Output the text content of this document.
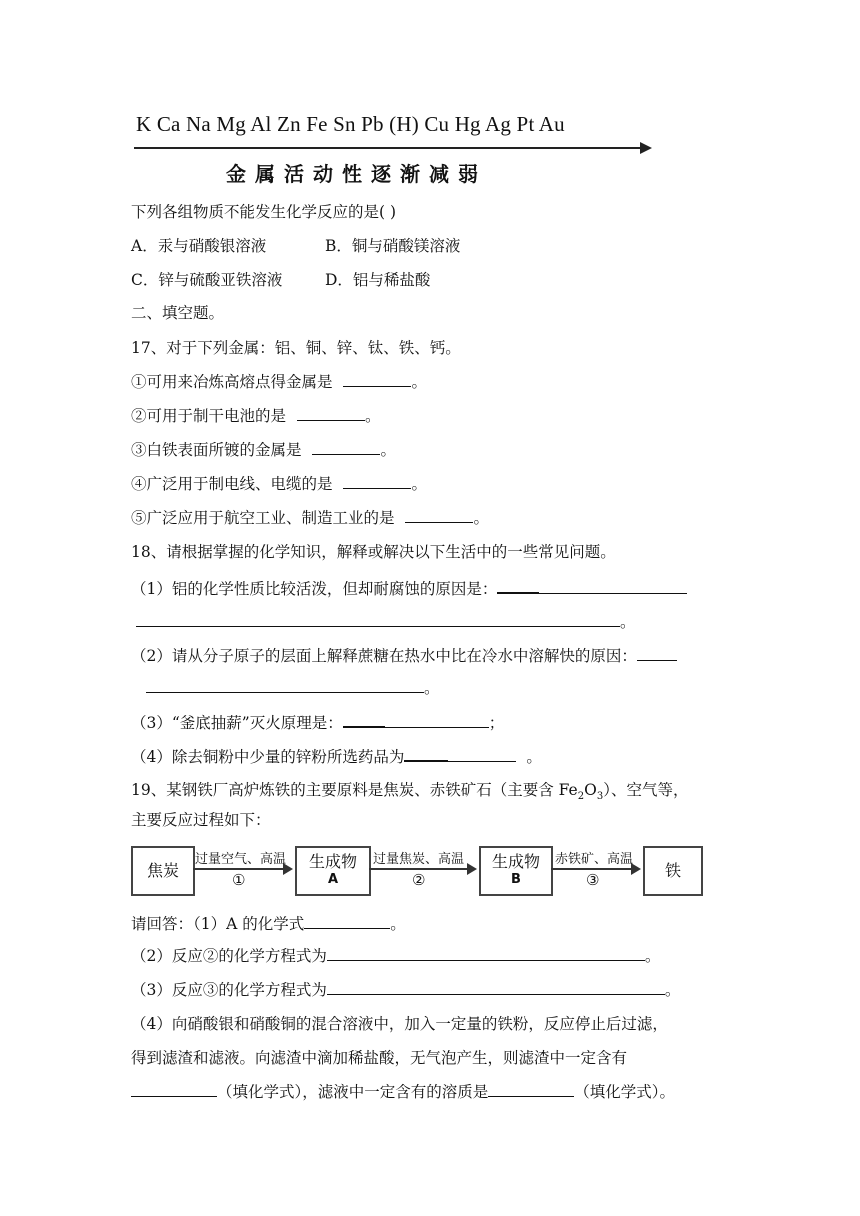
K Ca Na Mg Al Zn Fe Sn Pb (H) Cu Hg Ag Pt Au
金属活动性逐渐减弱
下列各组物质不能发生化学反应的是( )
A．汞与硝酸银溶液	B．铜与硝酸镁溶液
C．锌与硫酸亚铁溶液	D．铝与稀盐酸
二、填空题。
17、对于下列金属：铝、铜、锌、钛、铁、钙。
①可用来冶炼高熔点得金属是	。
②可用于制干电池的是	。
③白铁表面所镀的金属是	。
④广泛用于制电线、电缆的是	。
⑤广泛应用于航空工业、制造工业的是	。
18、请根据掌握的化学知识，解释或解决以下生活中的一些常见问题。
（1）铝的化学性质比较活泼，但却耐腐蚀的原因是：
。
（2）请从分子原子的层面上解释蔗糖在热水中比在冷水中溶解快的原因：
。
（3）“釜底抽薪”灭火原理是：	；
（4）除去铜粉中少量的锌粉所选药品为	。
19、某钢铁厂高炉炼铁的主要原料是焦炭、赤铁矿石（主要含 $Fe_2O_3$）、空气等，
主要反应过程如下：
焦炭
过量空气、高温
①
生成物
A
过量焦炭、高温
②
生成物
B
赤铁矿、高温
③	铁
请回答：（1）A 的化学式	。
（2）反应②的化学方程式为	。
（3）反应③的化学方程式为	。
（4）向硝酸银和硝酸铜的混合溶液中，加入一定量的铁粉，反应停止后过滤，
得到滤渣和滤液。向滤渣中滴加稀盐酸，无气泡产生，则滤渣中一定含有
（填化学式），滤液中一定含有的溶质是	（填化学式）。
